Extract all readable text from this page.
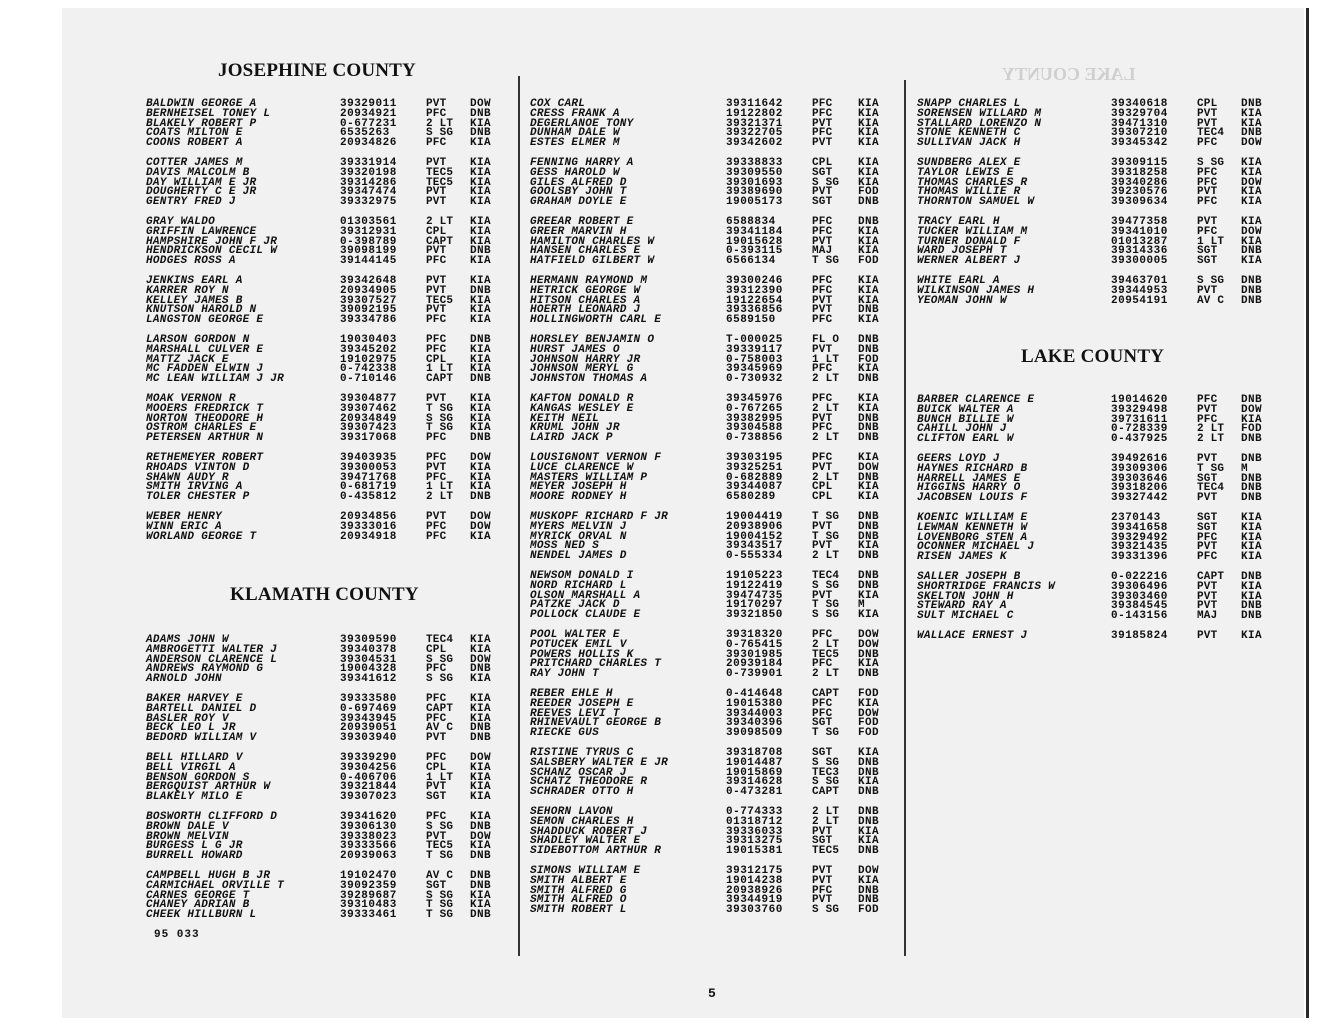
LAKE COUNTY
JOSEPHINE COUNTY
BALDWIN GEORGE A	39329011	PVT DOW
BERNHEISEL TONEY L	20934921	PFC DNB
BLAKELY ROBERT P	0-677231	2 LT KIA
COATS MILTON E	6535263	S SG DNB
COONS ROBERT A	20934826	PFC KIA
COTTER JAMES M	39331914	PVT KIA
DAVIS MALCOLM B	39320198	TEC5 KIA
DAY WILLIAM E JR	39314286	TEC5 KIA
DOUGHERTY C E JR	39347474	PVT KIA
GENTRY FRED J	39332975	PVT KIA
GRAY WALDO	01303561	2 LT KIA
GRIFFIN LAWRENCE	39312931	CPL KIA
HAMPSHIRE JOHN F JR	0-398789	CAPT KIA
HENDRICKSON CECIL W	39098199	PVT DNB
HODGES ROSS A	39144145	PFC KIA
JENKINS EARL A	39342648	PVT KIA
KARRER ROY N	20934905	PVT DNB
KELLEY JAMES B	39307527	TEC5 KIA
KNUTSON HAROLD N	39092195	PVT KIA
LANGSTON GEORGE E	39334786	PFC KIA
LARSON GORDON N	19030403	PFC DNB
MARSHALL CULVER E	39345202	PFC KIA
MATTZ JACK E	19102975	CPL KIA
MC FADDEN ELWIN J	0-742338	1 LT KIA
MC LEAN WILLIAM J JR	0-710146	CAPT DNB
MOAK VERNON R	39304877	PVT KIA
MOOERS FREDRICK T	39307462	T SG KIA
NORTON THEODORE H	20934849	S SG KIA
OSTROM CHARLES E	39307423	T SG KIA
PETERSEN ARTHUR N	39317068	PFC DNB
RETHEMEYER ROBERT	39403935	PFC DOW
RHOADS VINTON D	39300053	PVT KIA
SHAWN AUDY R	39471768	PFC KIA
SMITH IRVING A	0-681719	1 LT KIA
TOLER CHESTER P	0-435812	2 LT DNB
WEBER HENRY	20934856	PVT DOW
WINN ERIC A	39333016	PFC DOW
WORLAND GEORGE T	20934918	PFC KIA
KLAMATH COUNTY
ADAMS JOHN W	39309590	TEC4 KIA
AMBROGETTI WALTER J	39340378	CPL KIA
ANDERSON CLARENCE L	39304531	S SG DOW
ANDREWS RAYMOND G	19004328	PFC DNB
ARNOLD JOHN	39341612	S SG KIA
BAKER HARVEY E	39333580	PFC KIA
BARTELL DANIEL D	0-697469	CAPT KIA
BASLER ROY V	39343945	PFC KIA
BECK LEO L JR	20939051	AV C DNB
BEDORD WILLIAM V	39303940	PVT DNB
BELL HILLARD V	39339290	PFC DOW
BELL VIRGIL A	39304256	CPL KIA
BENSON GORDON S	0-406706	1 LT KIA
BERGQUIST ARTHUR W	39321844	PVT KIA
BLAKELY MILO E	39307023	SGT KIA
BOSWORTH CLIFFORD D	39341620	PFC KIA
BROWN DALE V	39306130	S SG DNB
BROWN MELVIN	39338023	PVT DOW
BURGESS L G JR	39333566	TEC5 KIA
BURRELL HOWARD	20939063	T SG DNB
CAMPBELL HUGH B JR	19102470	AV C DNB
CARMICHAEL ORVILLE T	39092359	SGT DNB
CARNES GEORGE T	39289687	S SG KIA
CHANEY ADRIAN B	39310483	T SG KIA
CHEEK HILLBURN L	39333461	T SG DNB
95 033
COX CARL	39311642	PFC KIA
CRESS FRANK A	19122802	PFC KIA
DEGERLANOE TONY	39321371	PVT KIA
DUNHAM DALE W	39322705	PFC KIA
ESTES ELMER M	39342602	PVT KIA
FENNING HARRY A	39338833	CPL KIA
GESS HAROLD W	39309550	SGT KIA
GILES ALFRED D	39301693	S SG KIA
GOOLSBY JOHN T	39389690	PVT FOD
GRAHAM DOYLE E	19005173	SGT DNB
GREEAR ROBERT E	6588834	PFC DNB
GREER MARVIN H	39341184	PFC KIA
HAMILTON CHARLES W	19015628	PVT KIA
HANSEN CHARLES E	0-393115	MAJ KIA
HATFIELD GILBERT W	6566134	T SG FOD
HERMANN RAYMOND M	39300246	PFC KIA
HETRICK GEORGE W	39312390	PFC KIA
HITSON CHARLES A	19122654	PVT KIA
HOERTH LEONARD J	39336856	PVT DNB
HOLLINGWORTH CARL E	6589150	PFC KIA
HORSLEY BENJAMIN O	T-000025	FL O DNB
HURST JAMES O	39339117	PVT DNB
JOHNSON HARRY JR	0-758003	1 LT FOD
JOHNSON MERYL G	39345969	PFC KIA
JOHNSTON THOMAS A	0-730932	2 LT DNB
KAFTON DONALD R	39345976	PFC KIA
KANGAS WESLEY E	0-767265	2 LT KIA
KEITH NEIL	39382995	PVT DNB
KRUML JOHN JR	39304588	PFC DNB
LAIRD JACK P	0-738856	2 LT DNB
LOUSIGNONT VERNON F	39303195	PFC KIA
LUCE CLARENCE W	39325251	PVT DOW
MASTERS WILLIAM P	0-682889	2 LT DNB
MEYER JOSEPH H	39344087	CPL KIA
MOORE RODNEY H	6580289	CPL KIA
MUSKOPF RICHARD F JR	19004419	T SG DNB
MYERS MELVIN J	20938906	PVT DNB
MYRICK ORVAL N	19004152	T SG DNB
MOSS NED S	39343517	PVT KIA
NENDEL JAMES D	0-555334	2 LT DNB
NEWSOM DONALD I	19105223	TEC4 DNB
NORD RICHARD L	19122419	S SG DNB
OLSON MARSHALL A	39474735	PVT KIA
PATZKE JACK D	19170297	T SG M
POLLOCK CLAUDE E	39321850	S SG KIA
POOL WALTER E	39318320	PFC DOW
POTUCEK EMIL V	0-765415	2 LT DOW
POWERS HOLLIS K	39301985	TEC5 DNB
PRITCHARD CHARLES T	20939184	PFC KIA
RAY JOHN T	0-739901	2 LT DNB
REBER EHLE H	0-414648	CAPT FOD
REEDER JOSEPH E	19015380	PFC KIA
REEVES LEVI T	39344003	PFC DOW
RHINEVAULT GEORGE B	39340396	SGT FOD
RIECKE GUS	39098509	T SG FOD
RISTINE TYRUS C	39318708	SGT KIA
SALSBERY WALTER E JR	19014487	S SG DNB
SCHANZ OSCAR J	19015869	TEC3 DNB
SCHATZ THEODORE R	39314628	S SG KIA
SCHRADER OTTO H	0-473281	CAPT DNB
SEHORN LAVON	0-774333	2 LT DNB
SEMON CHARLES H	01318712	2 LT DNB
SHADDUCK ROBERT J	39336033	PVT KIA
SHADLEY WALTER E	39313275	SGT KIA
SIDEBOTTOM ARTHUR R	19015381	TEC5 DNB
SIMONS WILLIAM E	39312175	PVT DOW
SMITH ALBERT E	19014238	PVT KIA
SMITH ALFRED G	20938926	PFC DNB
SMITH ALFRED O	39344919	PVT DNB
SMITH ROBERT L	39303760	S SG FOD
SNAPP CHARLES L	39340618	CPL DNB
SORENSEN WILLARD M	39329704	PVT KIA
STALLARD LORENZO N	39471310	PVT KIA
STONE KENNETH C	39307210	TEC4 DNB
SULLIVAN JACK H	39345342	PFC DOW
SUNDBERG ALEX E	39309115	S SG KIA
TAYLOR LEWIS E	39318258	PFC KIA
THOMAS CHARLES R	39340286	PFC DOW
THOMAS WILLIE R	39230576	PVT KIA
THORNTON SAMUEL W	39309634	PFC KIA
TRACY EARL H	39477358	PVT KIA
TUCKER WILLIAM M	39341010	PFC DOW
TURNER DONALD F	01013287	1 LT KIA
WARD JOSEPH T	39314336	SGT DNB
WERNER ALBERT J	39300005	SGT KIA
WHITE EARL A	39463701	S SG DNB
WILKINSON JAMES H	39344953	PVT DNB
YEOMAN JOHN W	20954191	AV C DNB
LAKE COUNTY
BARBER CLARENCE E	19014620	PFC DNB
BUICK WALTER A	39329498	PVT DOW
BUNCH BILLIE W	39731611	PFC KIA
CAHILL JOHN J	0-728339	2 LT FOD
CLIFTON EARL W	0-437925	2 LT DNB
GEERS LOYD J	39492616	PVT DNB
HAYNES RICHARD B	39309306	T SG M
HARRELL JAMES E	39303646	SGT DNB
HIGGINS HARRY O	39318206	TEC4 DNB
JACOBSEN LOUIS F	39327442	PVT DNB
KOENIC WILLIAM E	2370143	SGT KIA
LEWMAN KENNETH W	39341658	SGT KIA
LOVENBORG STEN A	39329492	PFC KIA
OCONNER MICHAEL J	39321435	PVT KIA
RISEN JAMES K	39331396	PFC KIA
SALLER JOSEPH B	0-022216	CAPT DNB
SHORTRIDGE FRANCIS W	39306496	PVT KIA
SKELTON JOHN H	39303460	PVT KIA
STEWARD RAY A	39384545	PVT DNB
SULT MICHAEL C	0-143156	MAJ DNB
WALLACE ERNEST J	39185824	PVT KIA
5
